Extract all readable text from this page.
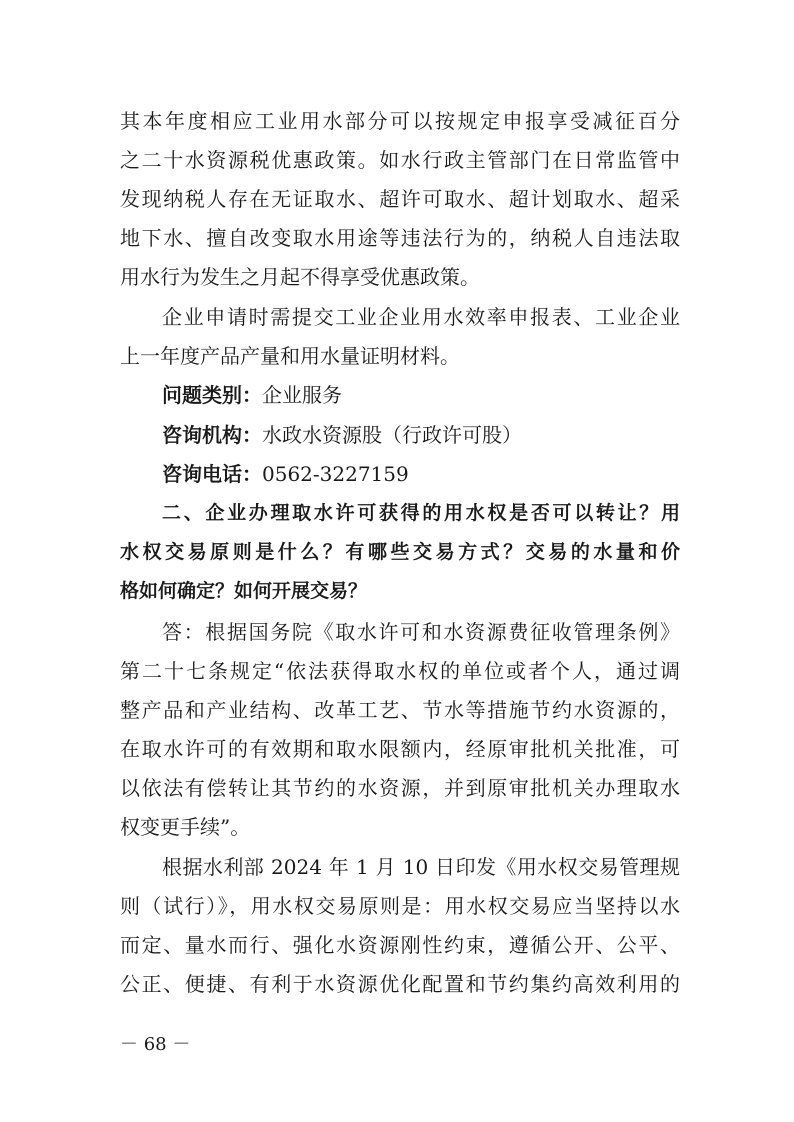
其本年度相应工业用水部分可以按规定申报享受减征百分
之二十水资源税优惠政策。如水行政主管部门在日常监管中
发现纳税人存在无证取水、超许可取水、超计划取水、超采
地下水、擅自改变取水用途等违法行为的，纳税人自违法取
用水行为发生之月起不得享受优惠政策。
企业申请时需提交工业企业用水效率申报表、工业企业
上一年度产品产量和用水量证明材料。
问题类别：企业服务
咨询机构：水政水资源股（行政许可股）
咨询电话：0562-3227159
二、企业办理取水许可获得的用水权是否可以转让？用
水权交易原则是什么？有哪些交易方式？交易的水量和价
格如何确定？如何开展交易？
答：根据国务院《取水许可和水资源费征收管理条例》
第二十七条规定“依法获得取水权的单位或者个人，通过调
整产品和产业结构、改革工艺、节水等措施节约水资源的，
在取水许可的有效期和取水限额内，经原审批机关批准，可
以依法有偿转让其节约的水资源，并到原审批机关办理取水
权变更手续”。
根据水利部 2024 年 1 月 10 日印发《用水权交易管理规
则（试行）》，用水权交易原则是：用水权交易应当坚持以水
而定、量水而行、强化水资源刚性约束，遵循公开、公平、
公正、便捷、有利于水资源优化配置和节约集约高效利用的
－ 68 －
